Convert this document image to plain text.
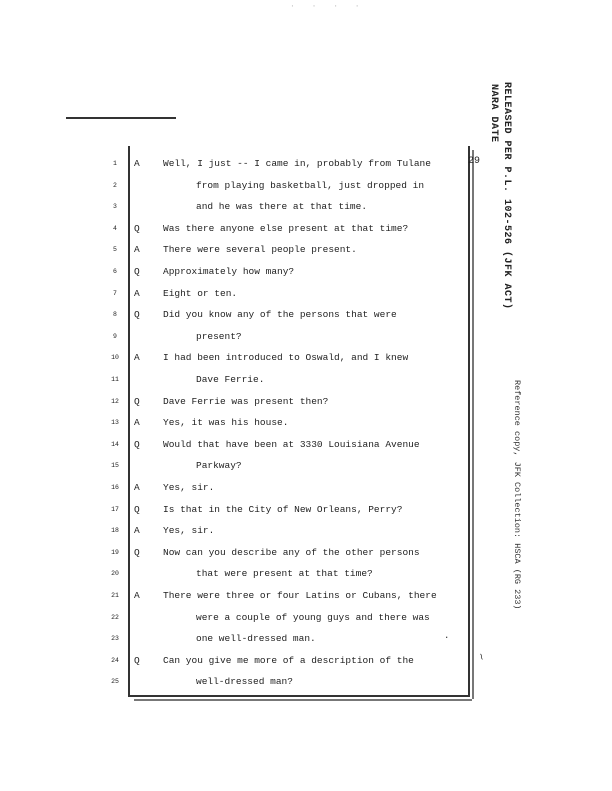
· · · ·
RELEASED PER P.L. 102-526 (JFK ACT)
NARA DATE
29
1	A Well, I just -- I came in, probably from Tulane
2	from playing basketball, just dropped in
3	and he was there at that time.
4	Q Was there anyone else present at that time?
5	A There were several people present.
6	Q Approximately how many?
7	A Eight or ten.
8	Q Did you know any of the persons that were
9	present?
10	A I had been introduced to Oswald, and I knew
11	Dave Ferrie.
12	Q Dave Ferrie was present then?
13	A Yes, it was his house.
14	Q Would that have been at 3330 Louisiana Avenue
15	Parkway?
16	A Yes, sir.
17	Q Is that in the City of New Orleans, Perry?
18	A Yes, sir.
19	Q Now can you describe any of the other persons
20	that were present at that time?
21	A There were three or four Latins or Cubans, there
22	were a couple of young guys and there was
23	one well-dressed man.
24	Q Can you give me more of a description of the
25	well-dressed man?
·
~
Reference copy, JFK Collection: HSCA (RG 233)
